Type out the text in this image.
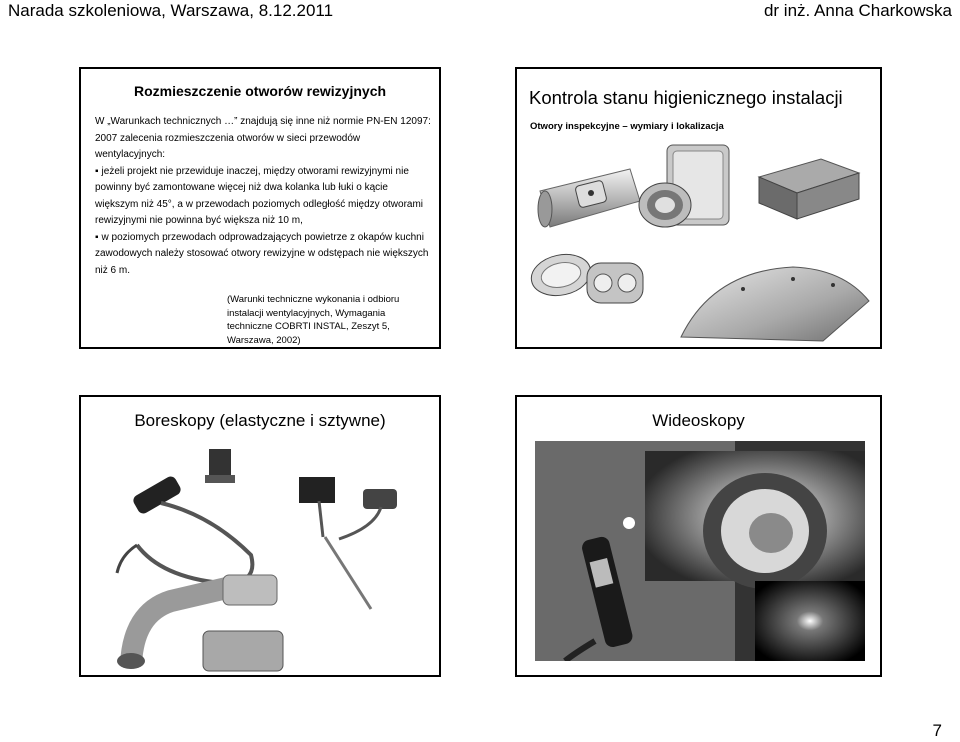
Narada szkoleniowa, Warszawa, 8.12.2011	dr inż. Anna Charkowska
Rozmieszczenie otworów rewizyjnych

W „Warunkach technicznych …” znajdują się inne niż normie PN-EN 12097: 2007 zalecenia rozmieszczenia otworów w sieci przewodów wentylacyjnych:

▪ jeżeli projekt nie przewiduje inaczej, między otworami rewizyjnymi nie powinny być zamontowane więcej niż dwa kolanka lub łuki o kącie większym niż 45°, a w przewodach poziomych odległość między otworami rewizyjnymi nie powinna być większa niż 10 m,

▪ w poziomych przewodach odprowadzających powietrze z okapów kuchni zawodowych należy stosować otwory rewizyjne w odstępach nie większych niż 6 m.

(Warunki techniczne wykonania i odbioru instalacji wentylacyjnych, Wymagania techniczne COBRTI INSTAL, Zeszyt 5, Warszawa, 2002)
Kontrola stanu higienicznego instalacji
Otwory inspekcyjne – wymiary i lokalizacja
Boreskopy (elastyczne i sztywne)	Wideoskopy
7
